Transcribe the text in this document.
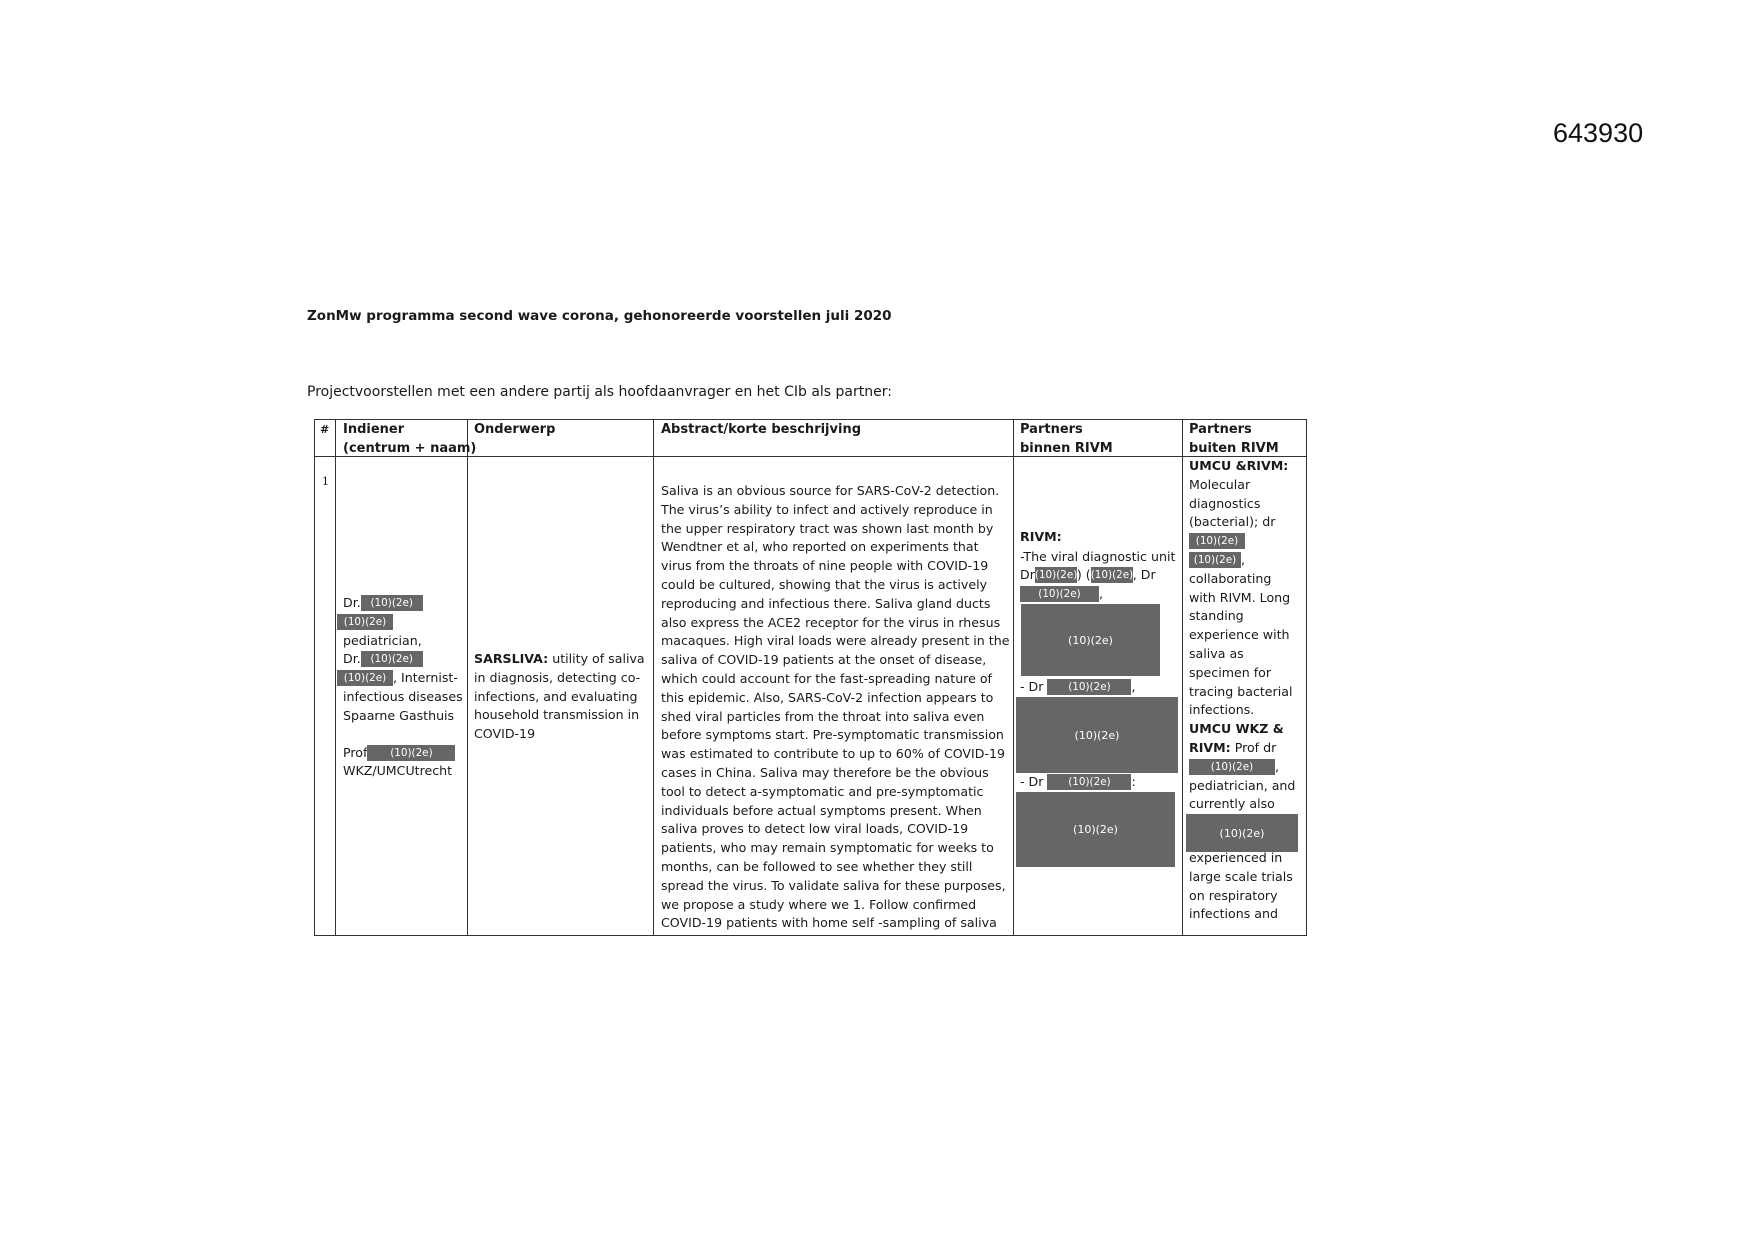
643930
ZonMw programma second wave corona, gehonoreerde voorstellen juli 2020
Projectvoorstellen met een andere partij als hoofdaanvrager en het CIb als partner:
# Indiener
(centrum + naam)
Onderwerp	Abstract/korte beschrijving	Partners
binnen RIVM
Partners
buiten RIVM
1
Dr. (10)(2e)
(10)(2e)
pediatrician,
Dr. (10)(2e)
(10)(2e) , Internist-
infectious diseases
Spaarne Gasthuis
Prof (10)(2e)
WKZ/UMCUtrecht
SARSLIVA: utility of saliva
in diagnosis, detecting co-
infections, and evaluating
household transmission in
COVID-19
Saliva is an obvious source for SARS-CoV-2 detection.
The virus’s ability to infect and actively reproduce in
the upper respiratory tract was shown last month by
Wendtner et al, who reported on experiments that
virus from the throats of nine people with COVID-19
could be cultured, showing that the virus is actively
reproducing and infectious there. Saliva gland ducts
also express the ACE2 receptor for the virus in rhesus
macaques. High viral loads were already present in the
saliva of COVID-19 patients at the onset of disease,
which could account for the fast-spreading nature of
this epidemic. Also, SARS-CoV-2 infection appears to
shed viral particles from the throat into saliva even
before symptoms start. Pre-symptomatic transmission
was estimated to contribute to up to 60% of COVID-19
cases in China. Saliva may therefore be the obvious
tool to detect a-symptomatic and pre-symptomatic
individuals before actual symptoms present. When
saliva proves to detect low viral loads, COVID-19
patients, who may remain symptomatic for weeks to
months, can be followed to see whether they still
spread the virus. To validate saliva for these purposes,
we propose a study where we 1. Follow confirmed
COVID-19 patients with home self -sampling of saliva
RIVM:
-The viral diagnostic unit
Dr(10)(2e)) ((10)(2e), Dr
(10)(2e) ,
(10)(2e)
- Dr (10)(2e) ,
(10)(2e)
- Dr (10)(2e) :
(10)(2e)
UMCU &RIVM:
Molecular
diagnostics
(bacterial); dr
(10)(2e)
(10)(2e) ,
collaborating
with RIVM. Long
standing
experience with
saliva as
specimen for
tracing bacterial
infections.
UMCU WKZ &
RIVM: Prof dr
(10)(2e) ,
pediatrician, and
currently also
(10)(2e)
experienced in
large scale trials
on respiratory
infections and
